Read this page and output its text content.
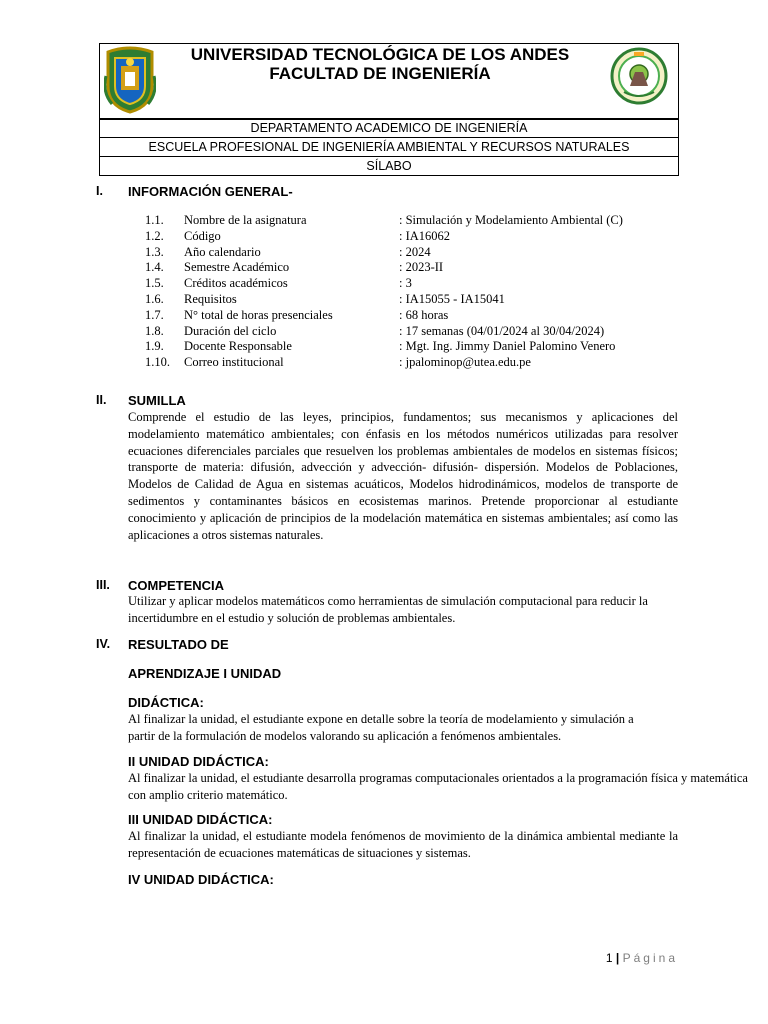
UNIVERSIDAD TECNOLÓGICA DE LOS ANDES
FACULTAD DE INGENIERÍA
DEPARTAMENTO ACADEMICO DE INGENIERÍA
ESCUELA PROFESIONAL DE INGENIERÍA AMBIENTAL Y RECURSOS NATURALES
SÍLABO
I. INFORMACIÓN GENERAL-
1.1. Nombre de la asignatura	: Simulación y Modelamiento Ambiental (C)
1.2. Código	: IA16062
1.3. Año calendario	: 2024
1.4. Semestre Académico	: 2023-II
1.5. Créditos académicos	: 3
1.6. Requisitos	: IA15055 - IA15041
1.7. N° total de horas presenciales	: 68 horas
1.8. Duración del ciclo	: 17 semanas (04/01/2024 al 30/04/2024)
1.9. Docente Responsable	: Mgt. Ing. Jimmy Daniel Palomino Venero
1.10. Correo institucional	: jpalominop@utea.edu.pe
II. SUMILLA
Comprende el estudio de las leyes, principios, fundamentos; sus mecanismos y aplicaciones del modelamiento matemático ambientales; con énfasis en los métodos numéricos utilizadas para resolver ecuaciones diferenciales parciales que resuelven los problemas ambientales de modelos en sistemas físicos; transporte de materia: difusión, advección y advección- difusión- dispersión. Modelos de Poblaciones, Modelos de Calidad de Agua en sistemas acuáticos, Modelos hidrodinámicos, modelos de transporte de sedimentos y contaminantes básicos en ecosistemas marinos. Pretende proporcionar al estudiante conocimiento y aplicación de principios de la modelación matemática en sistemas ambientales; así como las aplicaciones a otros sistemas naturales.
III. COMPETENCIA
Utilizar y aplicar modelos matemáticos como herramientas de simulación computacional para reducir la incertidumbre en el estudio y solución de problemas ambientales.
IV. RESULTADO DE
APRENDIZAJE I UNIDAD
DIDÁCTICA:
Al finalizar la unidad, el estudiante expone en detalle sobre la teoría de modelamiento y simulación a partir de la formulación de modelos valorando su aplicación a fenómenos ambientales.
II UNIDAD DIDÁCTICA:
Al finalizar la unidad, el estudiante desarrolla programas computacionales orientados a la programación física y matemática con amplio criterio matemático.
III UNIDAD DIDÁCTICA:
Al finalizar la unidad, el estudiante modela fenómenos de movimiento de la dinámica ambiental mediante la representación de ecuaciones matemáticas de situaciones y sistemas.
IV UNIDAD DIDÁCTICA:
1 | Página
